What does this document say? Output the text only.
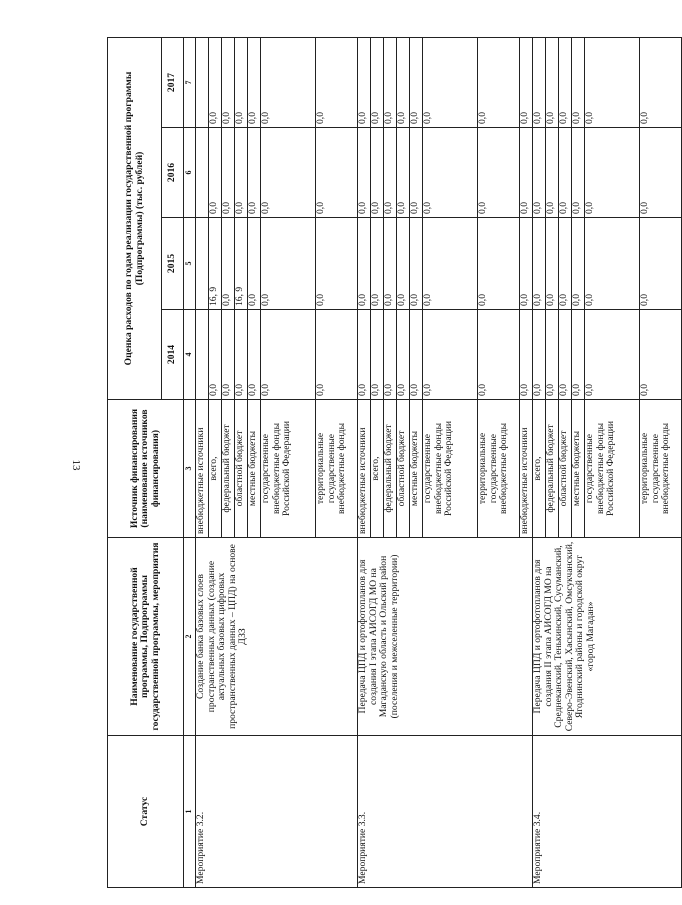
13
Статус	Наименование государственной программы, Подпрограммы государственной программы, мероприятия	Источник финансирования (наименование источников финансирования)	Оценка расходов по годам реализации государственной программы (Подпрограммы) (тыс. рублей)			
			2014	2015	2016	2017
1	2	3	4	5	6	7
Мероприятие 3.2.	Создание банка базовых слоев пространственных данных (создание актуальных базовых цифровых пространственных данных – ЦПД) на основе ДЗЗ	внебюджетные источники				
		всего,	0,0	16, 9	0,0	0,0
		федеральный бюджет	0,0	0,0	0,0	0,0
		областной бюджет	0,0	16, 9	0,0	0,0
		местные бюджеты	0,0	0,0	0,0	0,0
		государственные внебюджетные фонды Российской Федерации	0,0	0,0	0,0	0,0
		территориальные государственные внебюджетные фонды	0,0	0,0	0,0	0,0
Мероприятие 3.3.	Передача ЦПД и ортофотопланов для создания I этапа АИСОГД МО на Магаданскую область и Ольский район (поселения и межселенные территории)	внебюджетные источники	0,0	0,0	0,0	0,0
		всего,	0,0	0,0	0,0	0,0
		федеральный бюджет	0,0	0,0	0,0	0,0
		областной бюджет	0,0	0,0	0,0	0,0
		местные бюджеты	0,0	0,0	0,0	0,0
		государственные внебюджетные фонды Российской Федерации	0,0	0,0	0,0	0,0
		территориальные государственные внебюджетные фонды	0,0	0,0	0,0	0,0
		внебюджетные источники	0,0	0,0	0,0	0,0
Мероприятие 3.4.	Передача ЦПД и ортофотопланов для создания II этапа АИСОГД МО на Среднеканский, Тенькинский, Сусуманский, Северо-Эвенский, Хасынский, Омсукчанский, Ягоднинский районы и городской округ «город Магадан»	всего,	0,0	0,0	0,0	0,0
		федеральный бюджет	0,0	0,0	0,0	0,0
		областной бюджет	0,0	0,0	0,0	0,0
		местные бюджеты	0,0	0,0	0,0	0,0
		государственные внебюджетные фонды Российской Федерации	0,0	0,0	0,0	0,0
		территориальные государственные внебюджетные фонды	0,0	0,0	0,0	0,0
